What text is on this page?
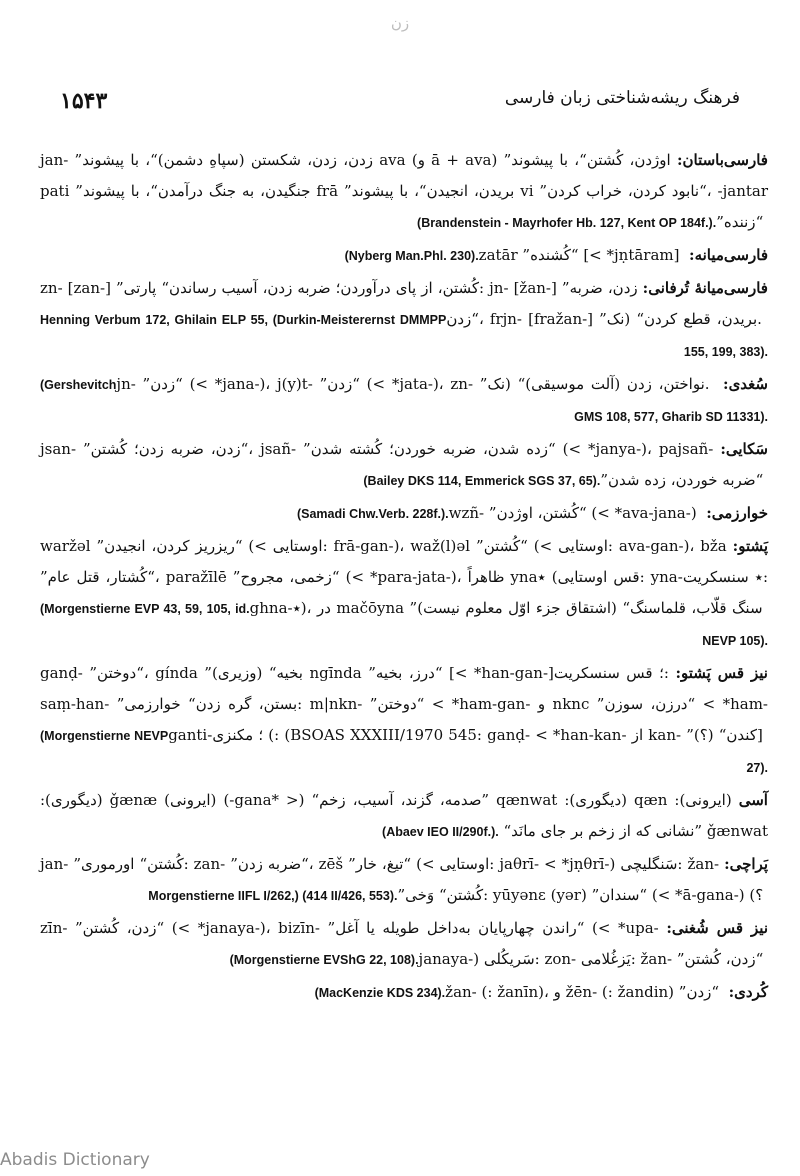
زن
۱۵۴۳	فرهنگ ریشه‌شناختی زبان فارسی

فارسی‌باستان: jan- ”زدن، زدن، شکستن (سپاهِ دشمن)“، با پیشوند ava (و ā + ava) ”اوژدن، کُشتن“، با پیشوند pati ”جنگیدن، به جنگ درآمدن“، با پیشوند frā ”بریدن، انجیدن“، با پیشوند vi ”نابود کردن، خراب کردن“، -jantar ”زننده“ (Brandenstein - Mayrhofer Hb. 127, Kent OP 184f.).

فارسی‌میانه: zatār ”کُشنده“ [< *jṇtāram] (Nyberg Man.Phl. 230).

فارسی‌میانهٔ تُرفانی: zn- [zan-] ”کُشتن، از پای درآوردن؛ ضربه زدن، آسیب رساندن“ پارتی: jn- [žan-] ”زدن، ضربه زدن“، frjn- [fražan-] ”بریدن، قطع کردن“ (نک. Henning Verbum 172, Ghilain ELP 55, (Durkin-Meisterernst DMMPP 155, 199, 383).

سُغدی: jn- ”زدن“ (< *jana-)، j(y)t- ”زدن“ (< *jata-)، zn- ”نواختن، زدن (آلت موسیقی)“ (نک. (Gershevitch GMS 108, 577, Gharib SD 11331).

سَکایی: jsan- ”زدن، ضربه زدن؛ کُشتن“، jsañ- ”زده شدن، ضربه خوردن؛ کُشته شدن“ (< *janya-)، pajsañ- ”ضربه خوردن، زده شدن“ (Bailey DKS 114, Emmerick SGS 37, 65).

خوارزمی: wzñ- ”کُشتن، اوژدن“ (< *ava-jana-) (Samadi Chw.Verb. 228f.).

پَشتو: waržəl ”ریزریز کردن، انجیدن“ (< اوستایی: frā-gan-)، waž(l)əl ”کُشتن“ (< اوستایی: ava-gan-)، bža ”کُشتار، قتل عام“، paražīlē ”زخمی، مجروح“ (< *para-jata-)، ظاهراً yna٭ (قس اوستایی: yna-٭ سنسکریت: ghna-٭)، در mačōyna ”سنگ قلّاب، قلماسنگ“ (اشتقاق جزء اوّل معلوم نیست) (Morgenstierne EVP 43, 59, 105, id. NEVP 105).

نیز قس پَشتو: ganḍ- ”دوختن“، gínda ”بخیه“ (وزیری) ngīnda ”درز، بخیه“ [< *han-gan-]؛ قس سنسکریت: saṃ-han- ”بستن، گره زدن“ خوارزمی: m|nkn- ”دوختن“ < *ham-gan- و nknc ”درزن، سوزن“ < *ham-ganti-؛ مکنزی (: (BSOAS XXXIII/1970 545: ganḍ- < *han-kan- از kan- ”کندن“ (؟)] (Morgenstierne NEVP 27).

آسی (ایرونی): qæn (دیگوری): qænwat ”صدمه، گزند، آسیب، زخم“ (< *gana-) (ایرونی) ǧænæ (دیگوری): ǧænwat ”نشانی که از زخم بر جای مانَد“ (Abaev IEO II/290f.).

پَراچی: jan- ”کُشتن“ اورموری: zan- ”ضربه زدن“، zēš ”تیغ، خار“ (< اوستایی: jaθrī- < *jṇθrī-) سَنگلیچی: žan- ”کُشتن“ وَخی: yūyənɛ (yər) ”سندان“ (< *ā-gana-) (؟ Morgenstierne IIFL I/262,) (414 II/426, 553).

نیز قس شُغنی: zīn- ”زدن، کُشتن“ (< *janaya-)، bizīn- ”راندن چهارپایان به‌داخل طویله یا آغل“ (< *upa-janaya-) سَریکُلی: zon- یَزغُلامی: žan- ”زدن، کُشتن“ (Morgenstierne EVShG 22, 108).

کُردی: žan- (: žanīn)، و žēn- (: žandin) ”زدن“ (MacKenzie KDS 234).

Abadis Dictionary
